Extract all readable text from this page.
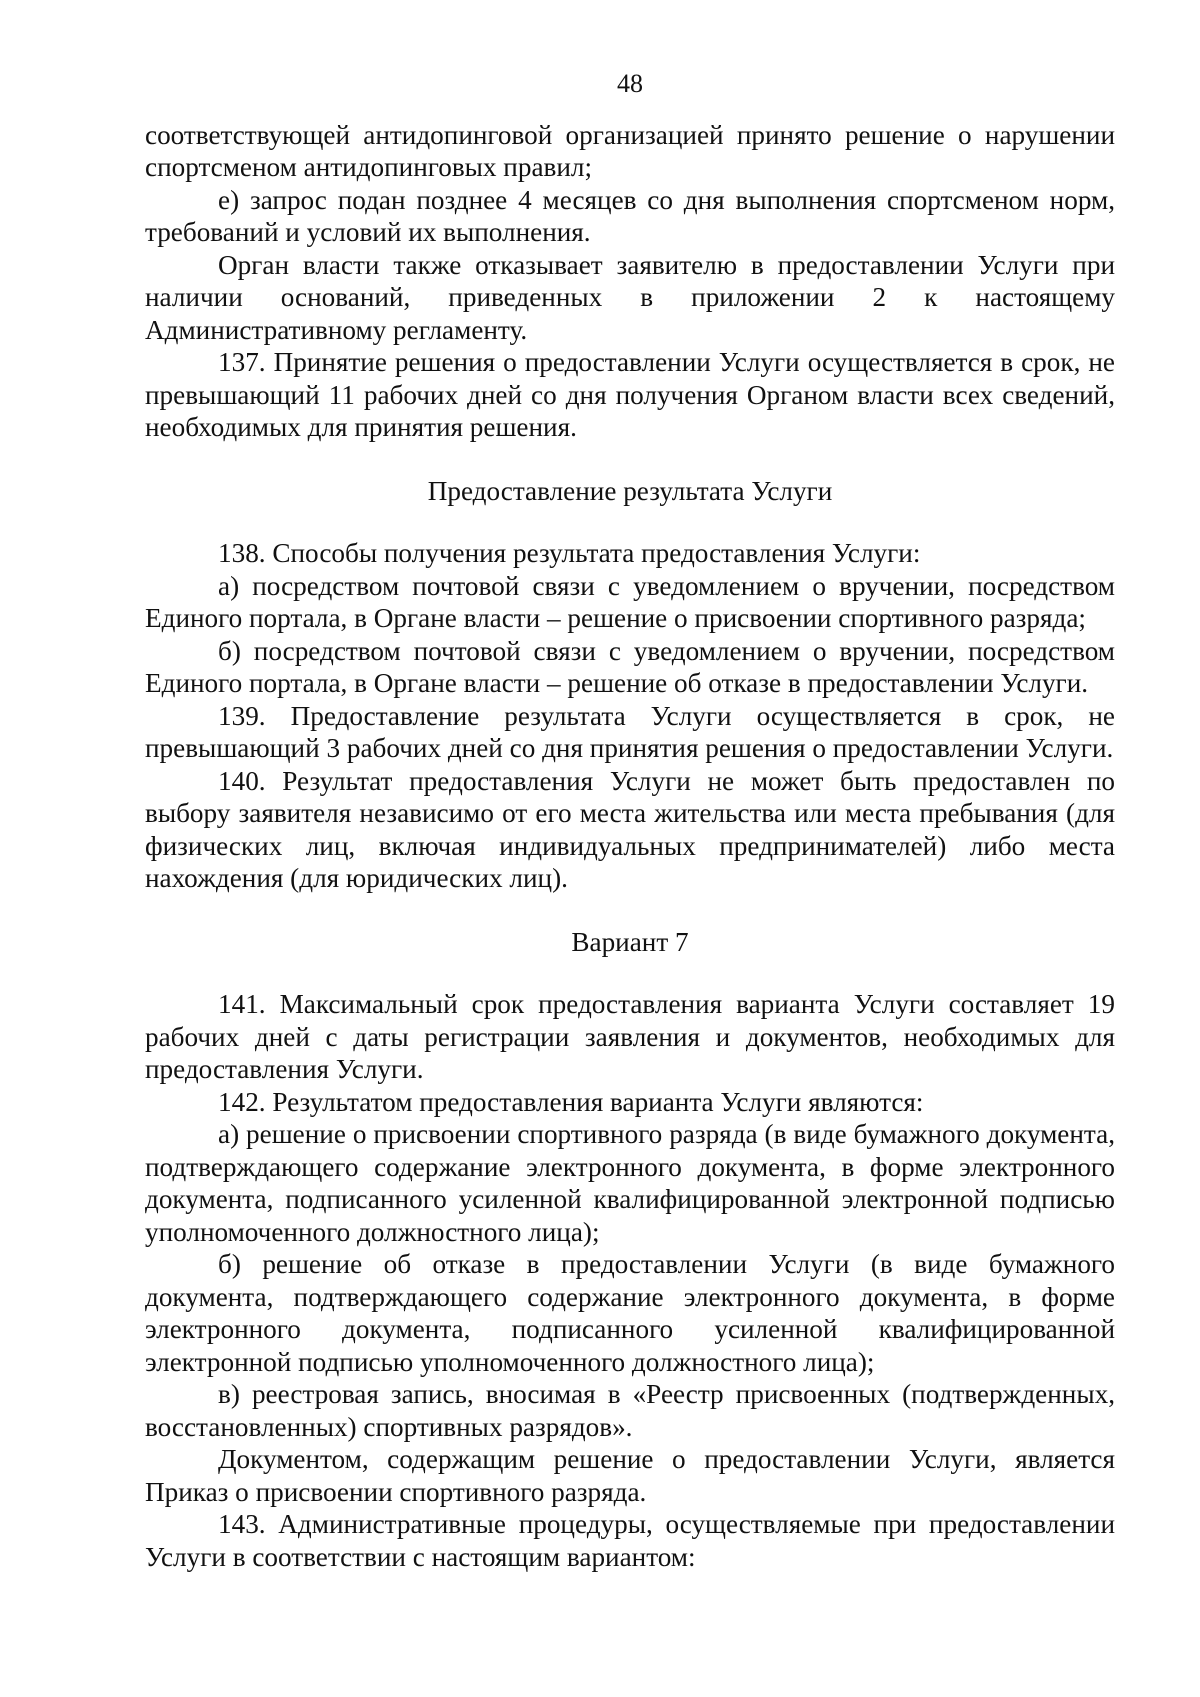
48

соответствующей антидопинговой организацией принято решение о нарушении спортсменом антидопинговых правил;

е) запрос подан позднее 4 месяцев со дня выполнения спортсменом норм, требований и условий их выполнения.

Орган власти также отказывает заявителю в предоставлении Услуги при наличии оснований, приведенных в приложении 2 к настоящему Административному регламенту.

137. Принятие решения о предоставлении Услуги осуществляется в срок, не превышающий 11 рабочих дней со дня получения Органом власти всех сведений, необходимых для принятия решения.

Предоставление результата Услуги

138. Способы получения результата предоставления Услуги:

а) посредством почтовой связи с уведомлением о вручении, посредством Единого портала, в Органе власти – решение о присвоении спортивного разряда;

б) посредством почтовой связи с уведомлением о вручении, посредством Единого портала, в Органе власти – решение об отказе в предоставлении Услуги.

139. Предоставление результата Услуги осуществляется в срок, не превышающий 3 рабочих дней со дня принятия решения о предоставлении Услуги.

140. Результат предоставления Услуги не может быть предоставлен по выбору заявителя независимо от его места жительства или места пребывания (для физических лиц, включая индивидуальных предпринимателей) либо места нахождения (для юридических лиц).

Вариант 7

141. Максимальный срок предоставления варианта Услуги составляет 19 рабочих дней с даты регистрации заявления и документов, необходимых для предоставления Услуги.

142. Результатом предоставления варианта Услуги являются:

а) решение о присвоении спортивного разряда (в виде бумажного документа, подтверждающего содержание электронного документа, в форме электронного документа, подписанного усиленной квалифицированной электронной подписью уполномоченного должностного лица);

б) решение об отказе в предоставлении Услуги (в виде бумажного документа, подтверждающего содержание электронного документа, в форме электронного документа, подписанного усиленной квалифицированной электронной подписью уполномоченного должностного лица);

в) реестровая запись, вносимая в «Реестр присвоенных (подтвержденных, восстановленных) спортивных разрядов».

Документом, содержащим решение о предоставлении Услуги, является Приказ о присвоении спортивного разряда.

143. Административные процедуры, осуществляемые при предоставлении Услуги в соответствии с настоящим вариантом:
